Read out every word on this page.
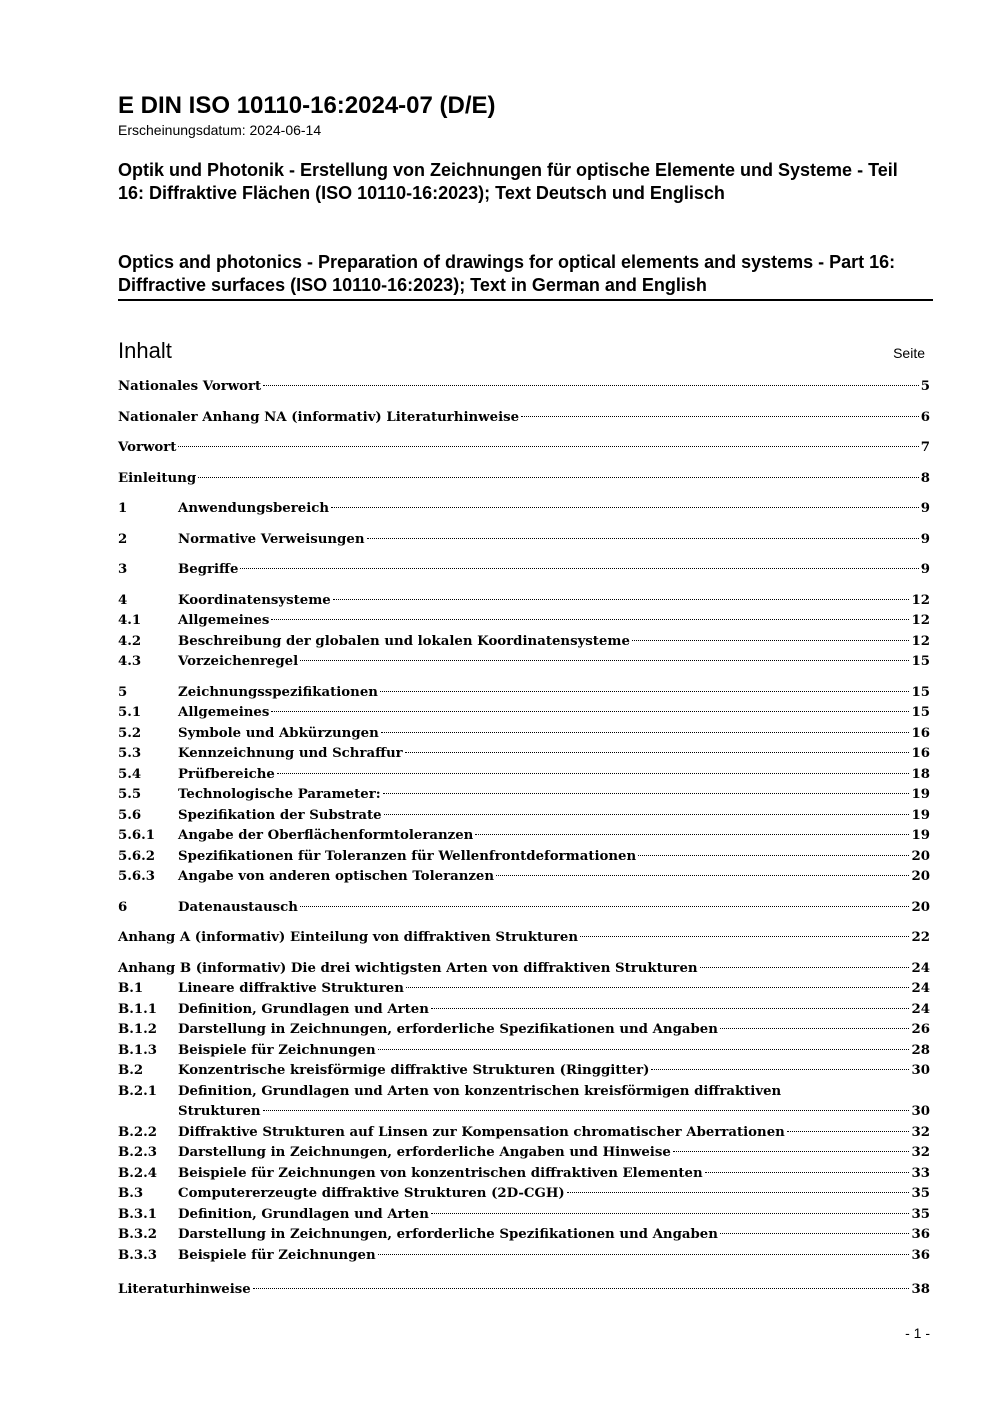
E DIN ISO 10110-16:2024-07 (D/E)
Erscheinungsdatum: 2024-06-14
Optik und Photonik - Erstellung von Zeichnungen für optische Elemente und Systeme - Teil 16: Diffraktive Flächen (ISO 10110-16:2023); Text Deutsch und Englisch
Optics and photonics - Preparation of drawings for optical elements and systems - Part 16: Diffractive surfaces (ISO 10110-16:2023); Text in German and English
Inhalt	Seite
Nationales Vorwort	5
Nationaler Anhang NA (informativ) Literaturhinweise	6
Vorwort	7
Einleitung	8
1	Anwendungsbereich	9
2	Normative Verweisungen	9
3	Begriffe	9
4	Koordinatensysteme	12
4.1	Allgemeines	12
4.2	Beschreibung der globalen und lokalen Koordinatensysteme	12
4.3	Vorzeichenregel	15
5	Zeichnungsspezifikationen	15
5.1	Allgemeines	15
5.2	Symbole und Abkürzungen	16
5.3	Kennzeichnung und Schraffur	16
5.4	Prüfbereiche	18
5.5	Technologische Parameter:	19
5.6	Spezifikation der Substrate	19
5.6.1	Angabe der Oberflächenformtoleranzen	19
5.6.2	Spezifikationen für Toleranzen für Wellenfrontdeformationen	20
5.6.3	Angabe von anderen optischen Toleranzen	20
6	Datenaustausch	20
Anhang A (informativ) Einteilung von diffraktiven Strukturen	22
Anhang B (informativ) Die drei wichtigsten Arten von diffraktiven Strukturen	24
B.1	Lineare diffraktive Strukturen	24
B.1.1	Definition, Grundlagen und Arten	24
B.1.2	Darstellung in Zeichnungen, erforderliche Spezifikationen und Angaben	26
B.1.3	Beispiele für Zeichnungen	28
B.2	Konzentrische kreisförmige diffraktive Strukturen (Ringgitter)	30
B.2.1	Definition, Grundlagen und Arten von konzentrischen kreisförmigen diffraktiven
Strukturen	30
B.2.2	Diffraktive Strukturen auf Linsen zur Kompensation chromatischer Aberrationen	32
B.2.3	Darstellung in Zeichnungen, erforderliche Angaben und Hinweise	32
B.2.4	Beispiele für Zeichnungen von konzentrischen diffraktiven Elementen	33
B.3	Computererzeugte diffraktive Strukturen (2D-CGH)	35
B.3.1	Definition, Grundlagen und Arten	35
B.3.2	Darstellung in Zeichnungen, erforderliche Spezifikationen und Angaben	36
B.3.3	Beispiele für Zeichnungen	36
Literaturhinweise	38
- 1 -
